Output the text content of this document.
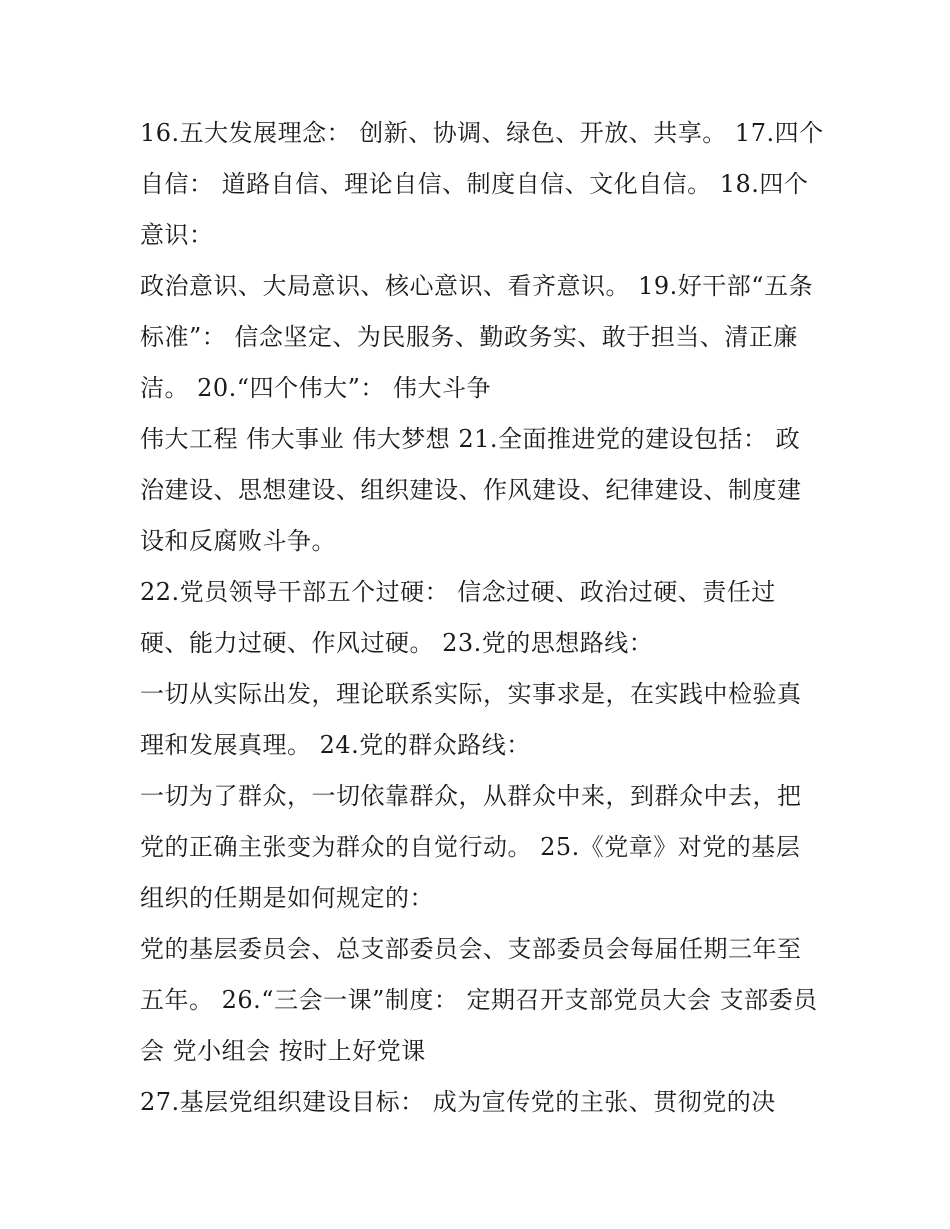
16.五大发展理念： 创新、协调、绿色、开放、共享。 17.四个
自信： 道路自信、理论自信、制度自信、文化自信。 18.四个
意识：
政治意识、大局意识、核心意识、看齐意识。 19.好干部“五条
标准”： 信念坚定、为民服务、勤政务实、敢于担当、清正廉
洁。 20.“四个伟大”： 伟大斗争
伟大工程 伟大事业 伟大梦想 21.全面推进党的建设包括： 政
治建设、思想建设、组织建设、作风建设、纪律建设、制度建
设和反腐败斗争。
22.党员领导干部五个过硬： 信念过硬、政治过硬、责任过
硬、能力过硬、作风过硬。 23.党的思想路线：
一切从实际出发，理论联系实际，实事求是，在实践中检验真
理和发展真理。 24.党的群众路线：
一切为了群众，一切依靠群众，从群众中来，到群众中去，把
党的正确主张变为群众的自觉行动。 25.《党章》对党的基层
组织的任期是如何规定的：
党的基层委员会、总支部委员会、支部委员会每届任期三年至
五年。 26.“三会一课”制度： 定期召开支部党员大会 支部委员
会 党小组会 按时上好党课
27.基层党组织建设目标： 成为宣传党的主张、贯彻党的决
